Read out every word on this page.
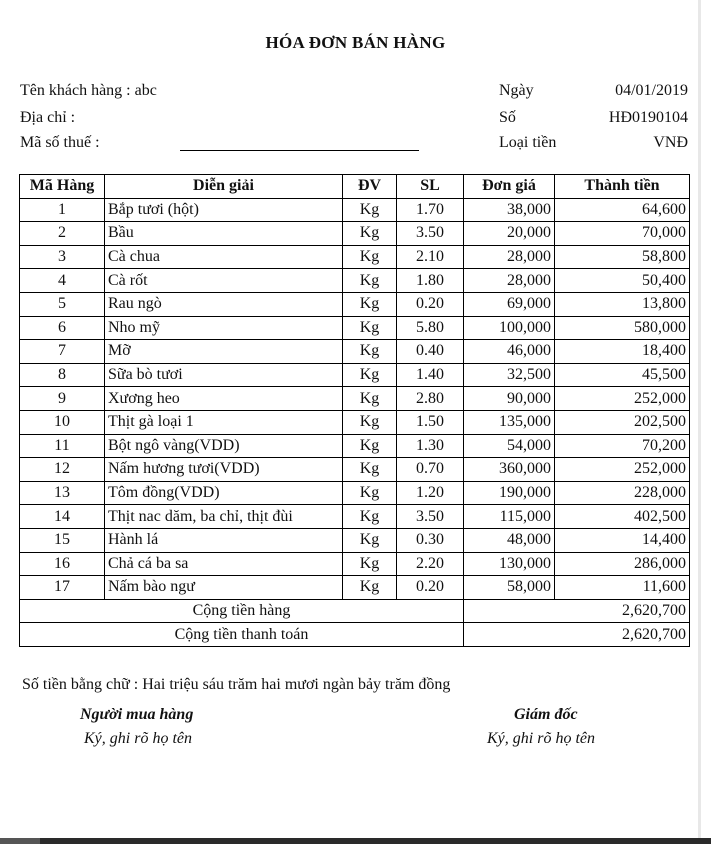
HÓA ĐƠN BÁN HÀNG
Tên khách hàng : abc
Địa chỉ :
Mã số thuế :
Ngày	04/01/2019
Số	HĐ0190104
Loại tiền	VNĐ
Mã Hàng	Diễn giải	ĐV	SL	Đơn giá	Thành tiền
1	Bắp tươi (hột)	Kg	1.70	38,000	64,600
2	Bầu	Kg	3.50	20,000	70,000
3	Cà chua	Kg	2.10	28,000	58,800
4	Cà rốt	Kg	1.80	28,000	50,400
5	Rau ngò	Kg	0.20	69,000	13,800
6	Nho mỹ	Kg	5.80	100,000	580,000
7	Mỡ	Kg	0.40	46,000	18,400
8	Sữa bò tươi	Kg	1.40	32,500	45,500
9	Xương heo	Kg	2.80	90,000	252,000
10	Thịt gà loại 1	Kg	1.50	135,000	202,500
11	Bột ngô vàng(VDD)	Kg	1.30	54,000	70,200
12	Nấm hương tươi(VDD)	Kg	0.70	360,000	252,000
13	Tôm đồng(VDD)	Kg	1.20	190,000	228,000
14	Thịt nac dăm, ba chỉ, thịt đùi	Kg	3.50	115,000	402,500
15	Hành lá	Kg	0.30	48,000	14,400
16	Chả cá ba sa	Kg	2.20	130,000	286,000
17	Nấm bào ngư	Kg	0.20	58,000	11,600
Cộng tiền hàng				2,620,700	
Cộng tiền thanh toán				2,620,700	
Số tiền bằng chữ : Hai triệu sáu trăm hai mươi ngàn bảy trăm đồng
Người mua hàng
Ký, ghi rõ họ tên
Giám đốc
Ký, ghi rõ họ tên
